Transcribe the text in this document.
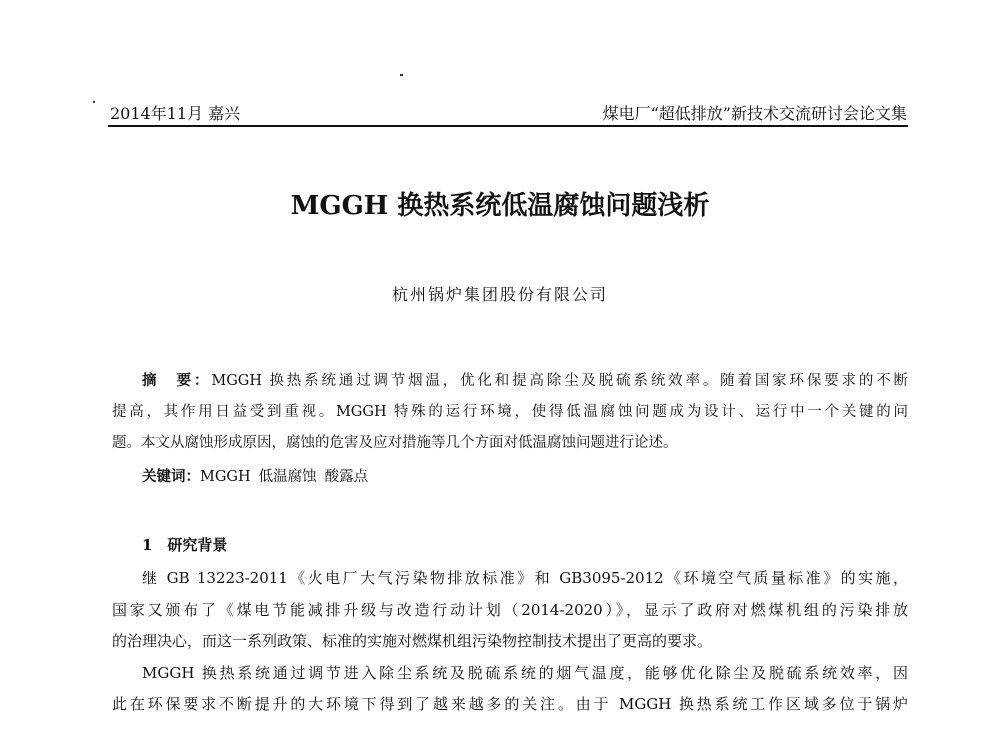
2014年11月 嘉兴	煤电厂“超低排放”新技术交流研讨会论文集
MGGH 换热系统低温腐蚀问题浅析
杭州锅炉集团股份有限公司
摘　要：MGGH 换热系统通过调节烟温，优化和提高除尘及脱硫系统效率。随着国家环保要求的不断
提高，其作用日益受到重视。MGGH 特殊的运行环境，使得低温腐蚀问题成为设计、运行中一个关键的问
题。本文从腐蚀形成原因，腐蚀的危害及应对措施等几个方面对低温腐蚀问题进行论述。
关键词：MGGH 低温腐蚀 酸露点
1　研究背景
继 GB 13223-2011《火电厂大气污染物排放标准》和 GB3095-2012《环境空气质量标准》的实施，
国家又颁布了《煤电节能减排升级与改造行动计划（2014-2020）》，显示了政府对燃煤机组的污染排放
的治理决心，而这一系列政策、标准的实施对燃煤机组污染物控制技术提出了更高的要求。
MGGH 换热系统通过调节进入除尘系统及脱硫系统的烟气温度，能够优化除尘及脱硫系统效率，因
此在环保要求不断提升的大环境下得到了越来越多的关注。由于 MGGH 换热系统工作区域多位于锅炉
